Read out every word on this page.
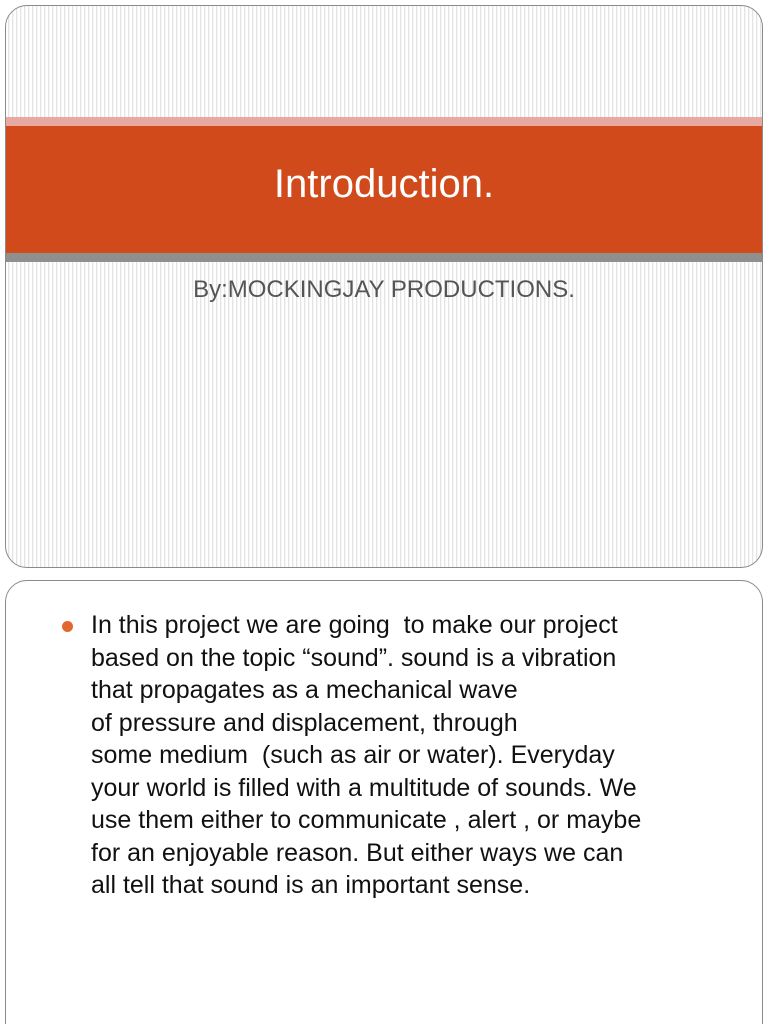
Introduction.
By:MOCKINGJAY PRODUCTIONS.
In this project we are going  to make our project
based on the topic “sound”. sound is a vibration
that propagates as a mechanical wave
of pressure and displacement, through
some medium  (such as air or water). Everyday
your world is filled with a multitude of sounds. We
use them either to communicate , alert , or maybe
for an enjoyable reason. But either ways we can
all tell that sound is an important sense.
